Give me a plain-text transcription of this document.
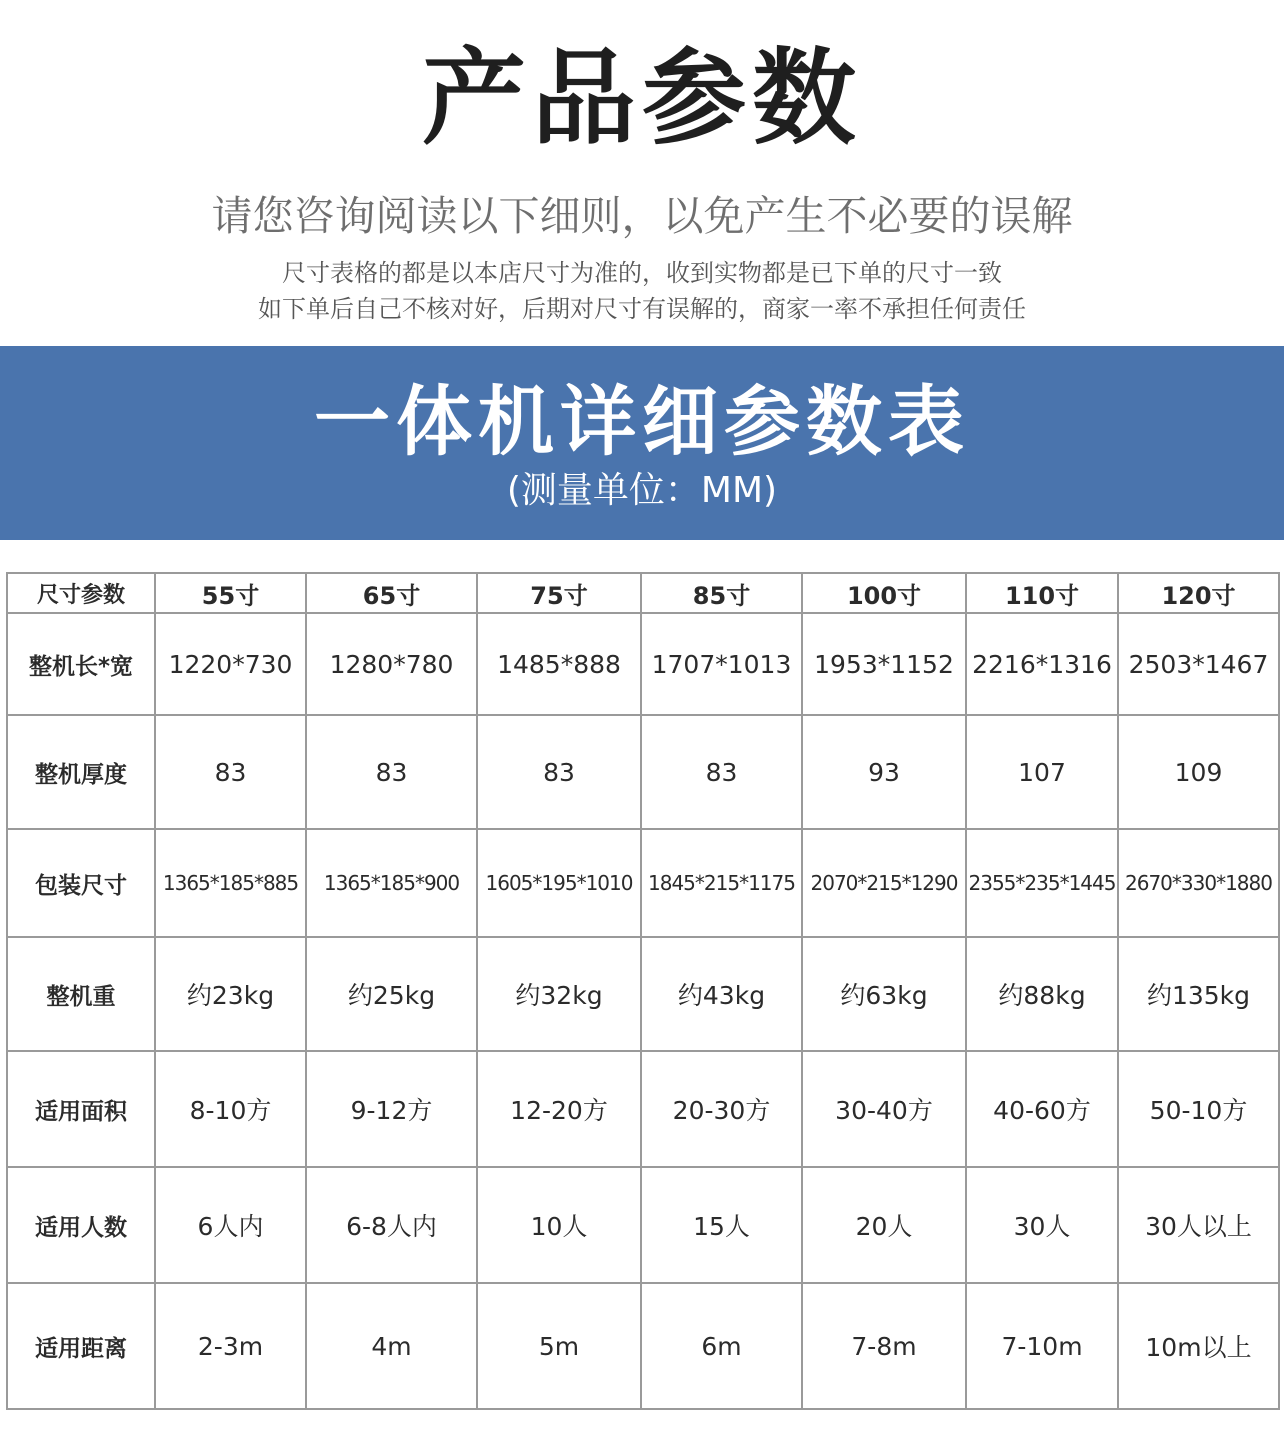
产品参数
请您咨询阅读以下细则，以免产生不必要的误解
尺寸表格的都是以本店尺寸为准的，收到实物都是已下单的尺寸一致
如下单后自己不核对好，后期对尺寸有误解的，商家一率不承担任何责任
一体机详细参数表
(测量单位：MM)
尺寸参数	55寸	65寸	75寸	85寸	100寸	110寸	120寸
整机长*宽	1220*730	1280*780	1485*888	1707*1013	1953*1152	2216*1316	2503*1467
整机厚度	83	83	83	83	93	107	109
包装尺寸	1365*185*885	1365*185*900	1605*195*1010	1845*215*1175	2070*215*1290	2355*235*1445	2670*330*1880
整机重	约23kg	约25kg	约32kg	约43kg	约63kg	约88kg	约135kg
适用面积	8-10方	9-12方	12-20方	20-30方	30-40方	40-60方	50-10方
适用人数	6人内	6-8人内	10人	15人	20人	30人	30人以上
适用距离	2-3m	4m	5m	6m	7-8m	7-10m	10m以上
